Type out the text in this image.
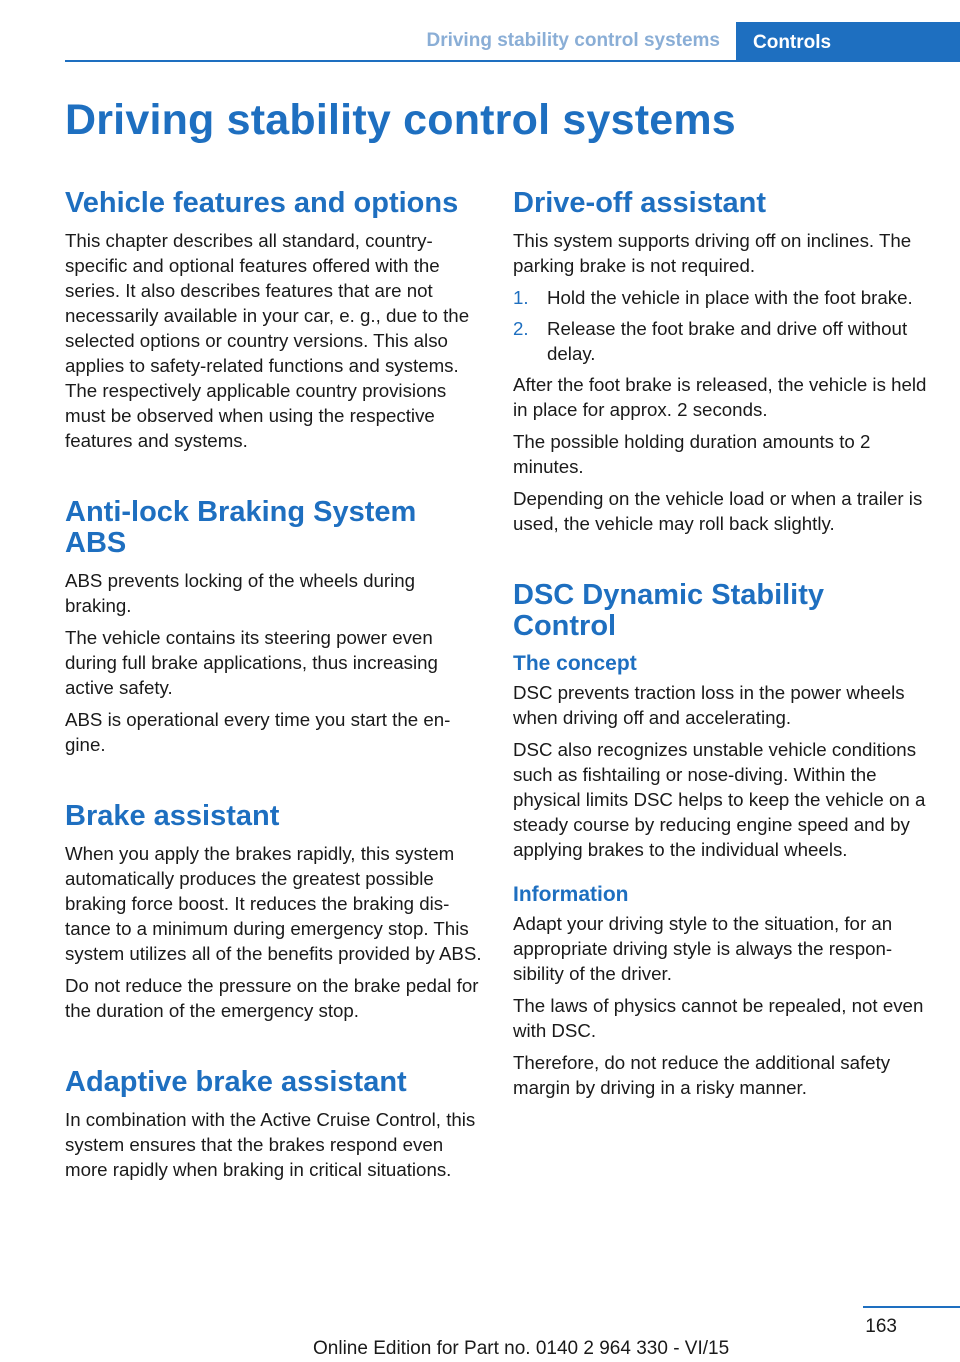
Driving stability control systems	Controls
Driving stability control systems
Vehicle features and options

This chapter describes all standard, country-specific and optional features offered with the series. It also describes features that are not necessarily available in your car, e. g., due to the selected options or country versions. This also applies to safety-related functions and systems. The respectively applicable country provisions must be observed when using the respective features and systems.

Anti-lock Braking System ABS

ABS prevents locking of the wheels during braking.

The vehicle contains its steering power even during full brake applications, thus increasing active safety.

ABS is operational every time you start the engine.

Brake assistant

When you apply the brakes rapidly, this system automatically produces the greatest possible braking force boost. It reduces the braking distance to a minimum during emergency stop. This system utilizes all of the benefits provided by ABS.

Do not reduce the pressure on the brake pedal for the duration of the emergency stop.

Adaptive brake assistant

In combination with the Active Cruise Control, this system ensures that the brakes respond even more rapidly when braking in critical situations.

Drive-off assistant

This system supports driving off on inclines. The parking brake is not required.

1. Hold the vehicle in place with the foot brake.
2. Release the foot brake and drive off without delay.

After the foot brake is released, the vehicle is held in place for approx. 2 seconds.

The possible holding duration amounts to 2 minutes.

Depending on the vehicle load or when a trailer is used, the vehicle may roll back slightly.

DSC Dynamic Stability Control
The concept

DSC prevents traction loss in the power wheels when driving off and accelerating.

DSC also recognizes unstable vehicle conditions such as fishtailing or nose-diving. Within the physical limits DSC helps to keep the vehicle on a steady course by reducing engine speed and by applying brakes to the individual wheels.

Information

Adapt your driving style to the situation, for an appropriate driving style is always the responsibility of the driver.

The laws of physics cannot be repealed, not even with DSC.

Therefore, do not reduce the additional safety margin by driving in a risky manner.

163
Online Edition for Part no. 0140 2 964 330 - VI/15
